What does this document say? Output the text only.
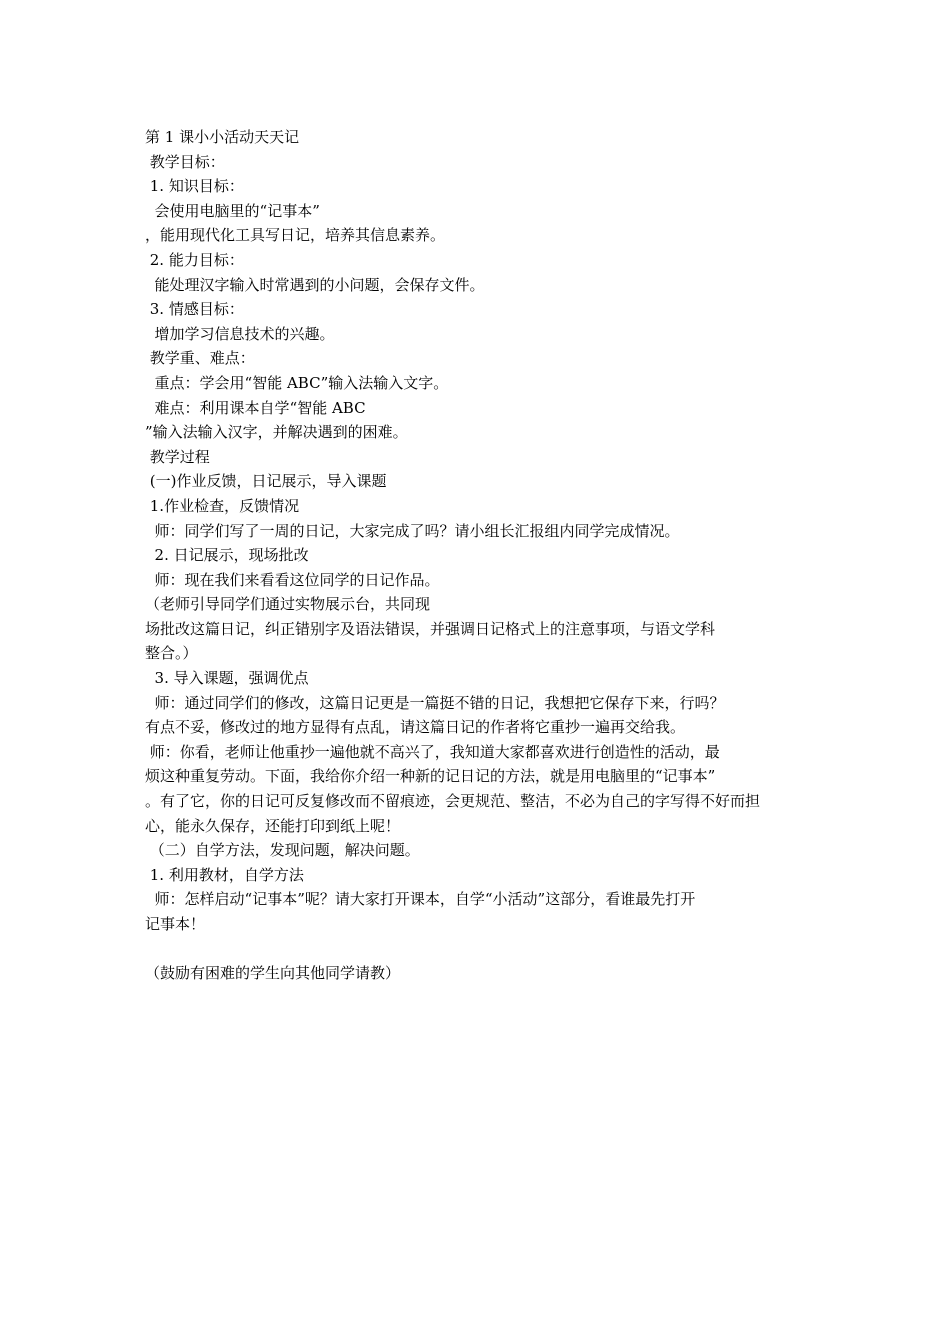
第 1 课小小活动天天记
教学目标：
1. 知识目标：
会使用电脑里的“记事本”
，能用现代化工具写日记，培养其信息素养。
2. 能力目标：
能处理汉字输入时常遇到的小问题，会保存文件。
3. 情感目标：
增加学习信息技术的兴趣。
教学重、难点：
重点：学会用“智能 ABC”输入法输入文字。
难点：利用课本自学“智能 ABC
”输入法输入汉字，并解决遇到的困难。
教学过程
(一)作业反馈，日记展示，导入课题
1.作业检查，反馈情况
师：同学们写了一周的日记，大家完成了吗？请小组长汇报组内同学完成情况。
2. 日记展示，现场批改
师：现在我们来看看这位同学的日记作品。
（老师引导同学们通过实物展示台，共同现
场批改这篇日记，纠正错别字及语法错误，并强调日记格式上的注意事项，与语文学科
整合。）
3. 导入课题，强调优点
师：通过同学们的修改，这篇日记更是一篇挺不错的日记，我想把它保存下来，行吗？
有点不妥，修改过的地方显得有点乱，请这篇日记的作者将它重抄一遍再交给我。
师：你看，老师让他重抄一遍他就不高兴了，我知道大家都喜欢进行创造性的活动，最
烦这种重复劳动。下面，我给你介绍一种新的记日记的方法，就是用电脑里的“记事本”
。有了它，你的日记可反复修改而不留痕迹，会更规范、整洁，不必为自己的字写得不好而担
心，能永久保存，还能打印到纸上呢！
（二）自学方法，发现问题，解决问题。
1. 利用教材，自学方法
师：怎样启动“记事本”呢？请大家打开课本，自学“小活动”这部分，看谁最先打开
记事本！
（鼓励有困难的学生向其他同学请教）
